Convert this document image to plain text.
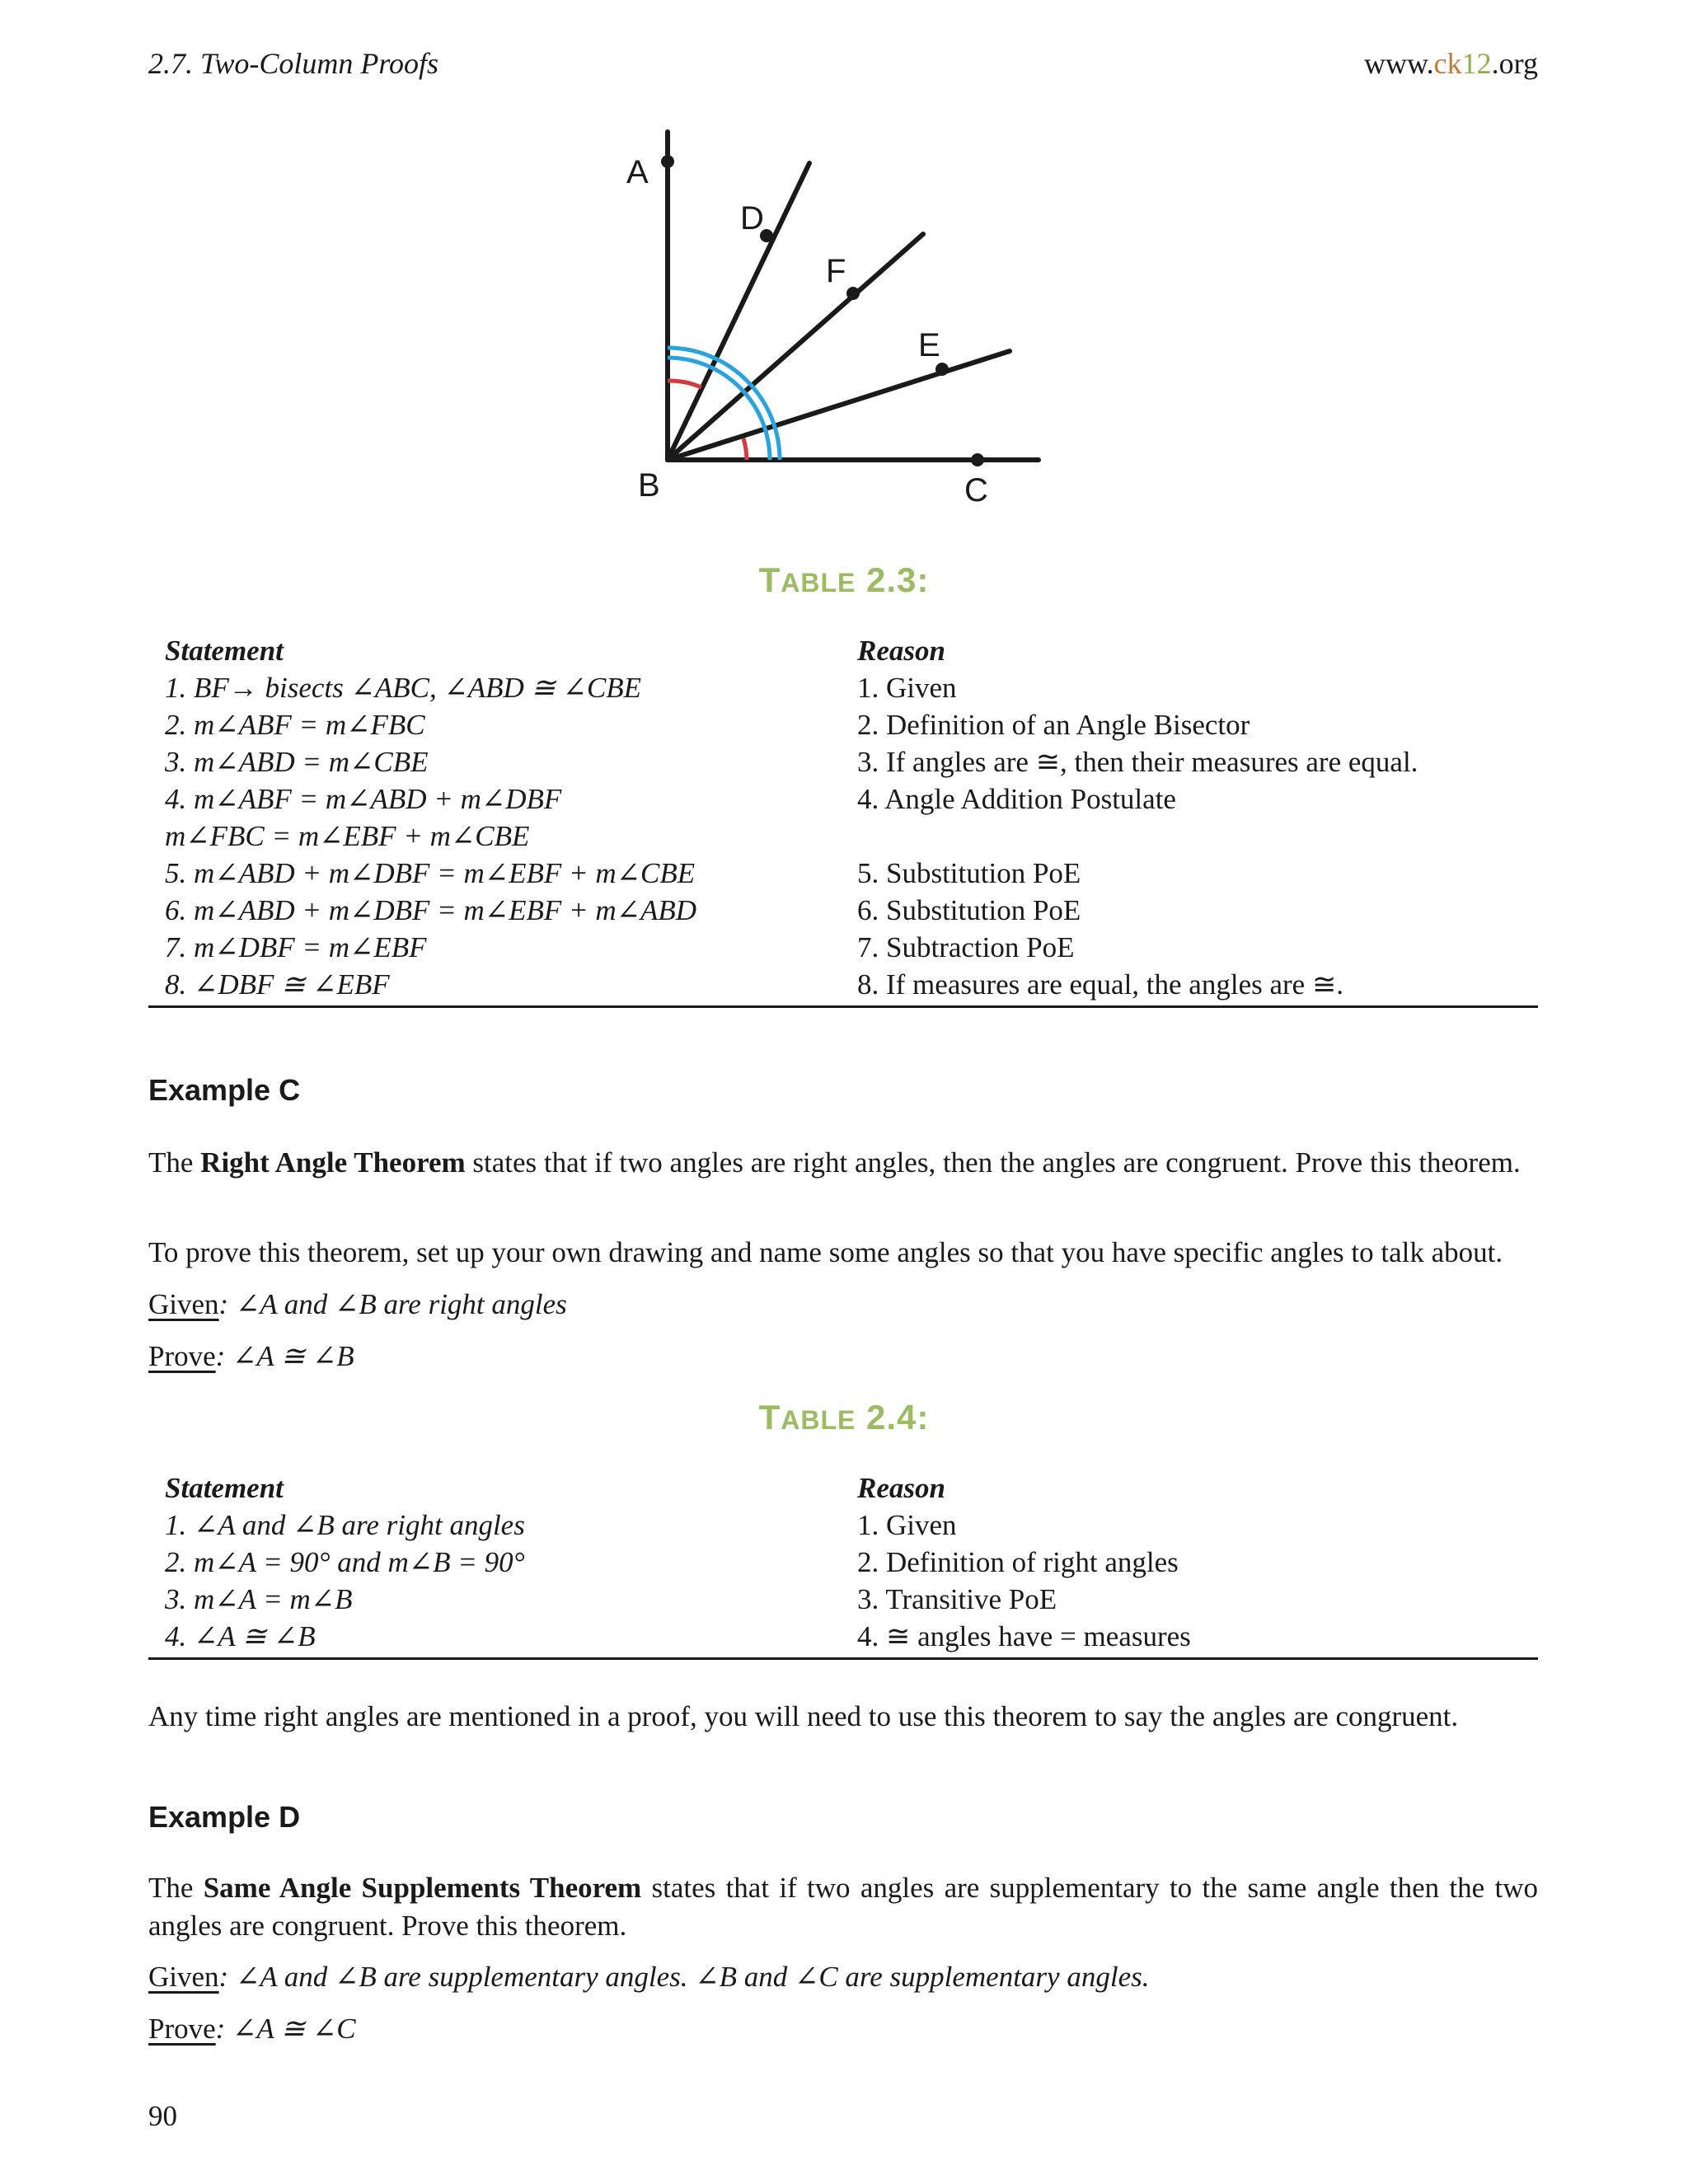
2.7. Two-Column Proofs	www.ck12.org
A
D
F
E
B	C
TABLE 2.3:
Statement	Reason
1. BF→ bisects ∠ABC, ∠ABD ≅ ∠CBE	1. Given
2. m∠ABF = m∠FBC	2. Definition of an Angle Bisector
3. m∠ABD = m∠CBE	3. If angles are ≅, then their measures are equal.
4. m∠ABF = m∠ABD + m∠DBF	4. Angle Addition Postulate
m∠FBC = m∠EBF + m∠CBE
5. m∠ABD + m∠DBF = m∠EBF + m∠CBE	5. Substitution PoE
6. m∠ABD + m∠DBF = m∠EBF + m∠ABD	6. Substitution PoE
7. m∠DBF = m∠EBF	7. Subtraction PoE
8. ∠DBF ≅ ∠EBF	8. If measures are equal, the angles are ≅.
Example C
The Right Angle Theorem states that if two angles are right angles, then the angles are congruent. Prove this theorem.
To prove this theorem, set up your own drawing and name some angles so that you have specific angles to talk about.
Given: ∠A and ∠B are right angles
Prove: ∠A ≅ ∠B
TABLE 2.4:
Statement	Reason
1. ∠A and ∠B are right angles	1. Given
2. m∠A = 90° and m∠B = 90°	2. Definition of right angles
3. m∠A = m∠B	3. Transitive PoE
4. ∠A ≅ ∠B	4. ≅ angles have = measures
Any time right angles are mentioned in a proof, you will need to use this theorem to say the angles are congruent.
Example D
The Same Angle Supplements Theorem states that if two angles are supplementary to the same angle then the two angles are congruent. Prove this theorem.
Given: ∠A and ∠B are supplementary angles. ∠B and ∠C are supplementary angles.
Prove: ∠A ≅ ∠C
90
